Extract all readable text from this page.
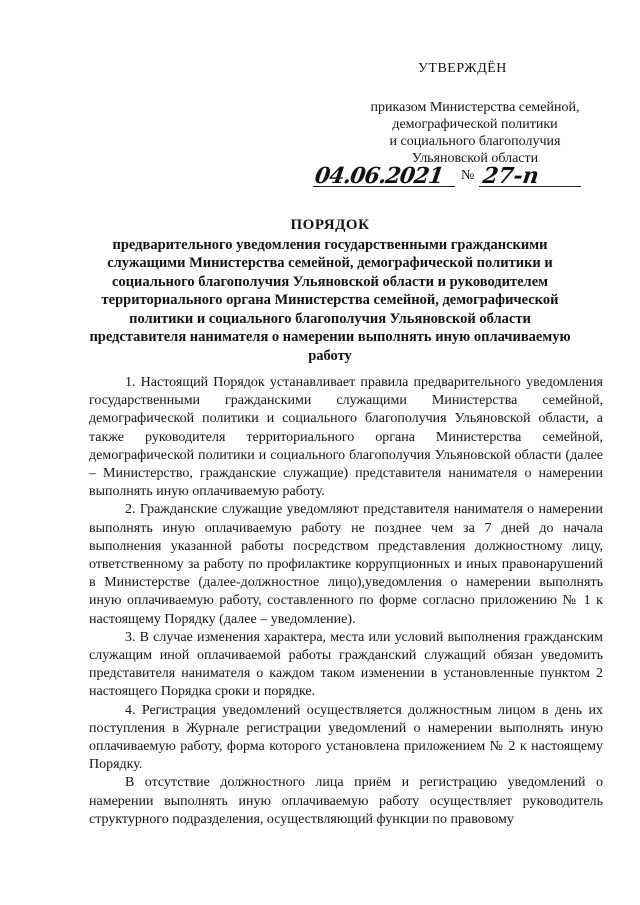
УТВЕРЖДЁН
приказом Министерства семейной,
демографической политики
и социального благополучия
Ульяновской области
04.06.2021 № 27-п
ПОРЯДОК
предварительного уведомления государственными гражданскими служащими Министерства семейной, демографической политики и социального благополучия Ульяновской области и руководителем территориального органа Министерства семейной, демографической политики и социального благополучия Ульяновской области представителя нанимателя о намерении выполнять иную оплачиваемую работу

1. Настоящий Порядок устанавливает правила предварительного уведомления государственными гражданскими служащими Министерства семейной, демографической политики и социального благополучия Ульяновской области, а также руководителя территориального органа Министерства семейной, демографической политики и социального благополучия Ульяновской области (далее – Министерство, гражданские служащие) представителя нанимателя о намерении выполнять иную оплачиваемую работу.

2. Гражданские служащие уведомляют представителя нанимателя о намерении выполнять иную оплачиваемую работу не позднее чем за 7 дней до начала выполнения указанной работы посредством представления должностному лицу, ответственному за работу по профилактике коррупционных и иных правонарушений в Министерстве (далее-должностное лицо),уведомления о намерении выполнять иную оплачиваемую работу, составленного по форме согласно приложению № 1 к настоящему Порядку (далее – уведомление).

3. В случае изменения характера, места или условий выполнения гражданским служащим иной оплачиваемой работы гражданский служащий обязан уведомить представителя нанимателя о каждом таком изменении в установленные пунктом 2 настоящего Порядка сроки и порядке.

4. Регистрация уведомлений осуществляется должностным лицом в день их поступления в Журнале регистрации уведомлений о намерении выполнять иную оплачиваемую работу, форма которого установлена приложением № 2 к настоящему Порядку.

В отсутствие должностного лица приём и регистрацию уведомлений о намерении выполнять иную оплачиваемую работу осуществляет руководитель структурного подразделения, осуществляющий функции по правовому
